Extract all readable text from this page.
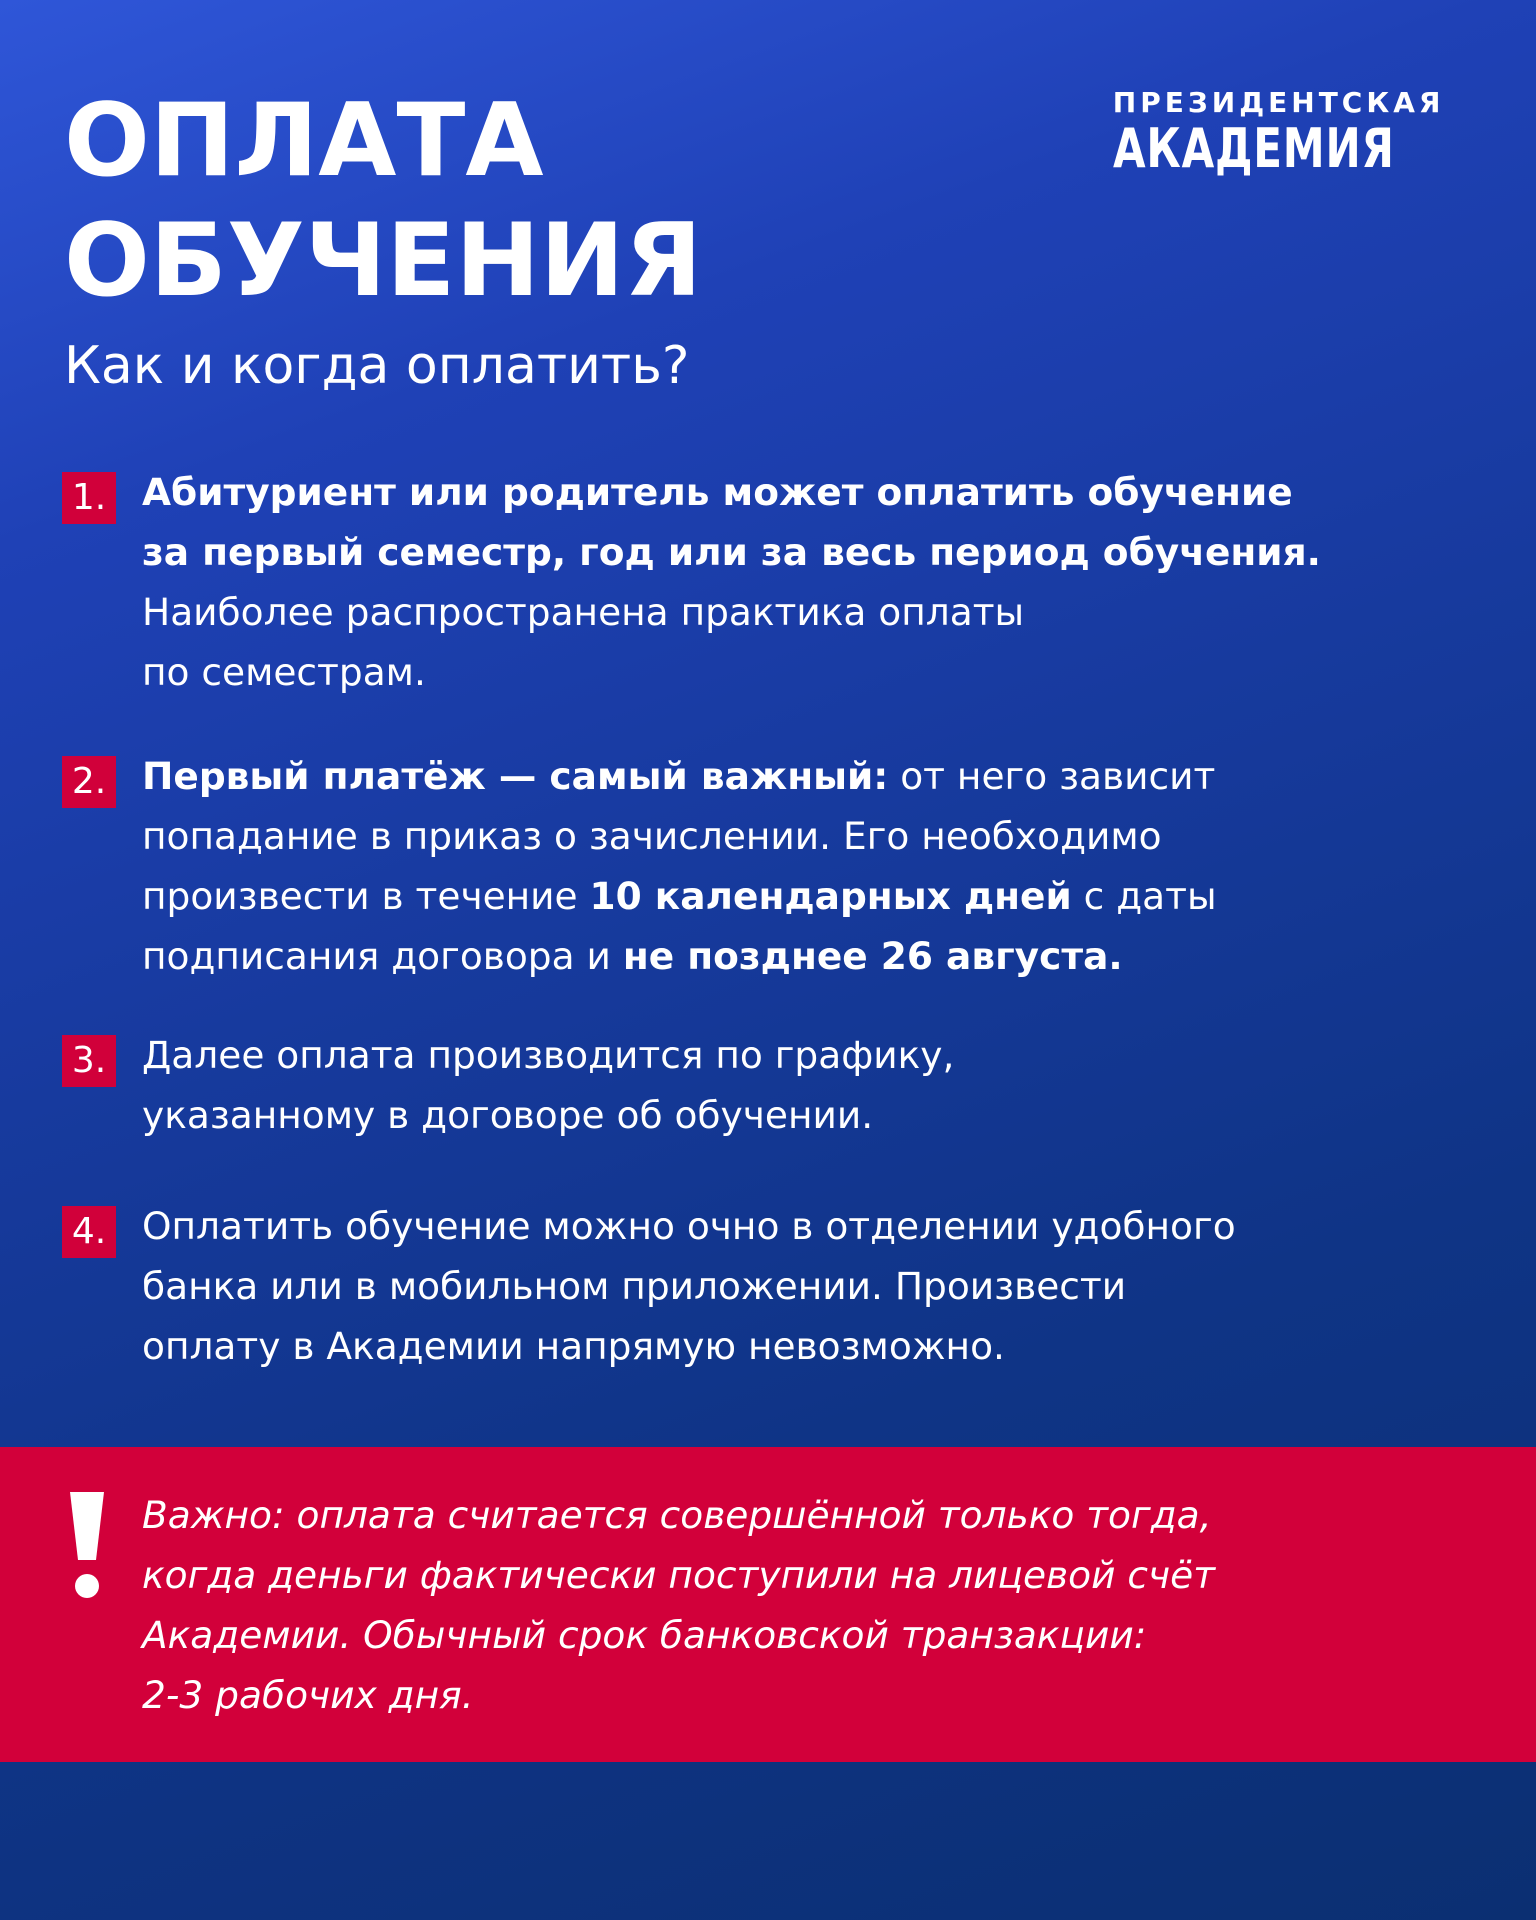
ОПЛАТА
ОБУЧЕНИЯ
Как и когда оплатить?
ПРЕЗИДЕНТСКАЯ
АКАДЕМИЯ
1. Абитуриент или родитель может оплатить обучение
за первый семестр, год или за весь период обучения.
Наиболее распространена практика оплаты
по семестрам.
2. Первый платёж — самый важный: от него зависит
попадание в приказ о зачислении. Его необходимо
произвести в течение 10 календарных дней с даты
подписания договора и не позднее 26 августа.
3. Далее оплата производится по графику,
указанному в договоре об обучении.
4. Оплатить обучение можно очно в отделении удобного
банка или в мобильном приложении. Произвести
оплату в Академии напрямую невозможно.
Важно: оплата считается совершённой только тогда,
когда деньги фактически поступили на лицевой счёт
Академии. Обычный срок банковской транзакции:
2-3 рабочих дня.
